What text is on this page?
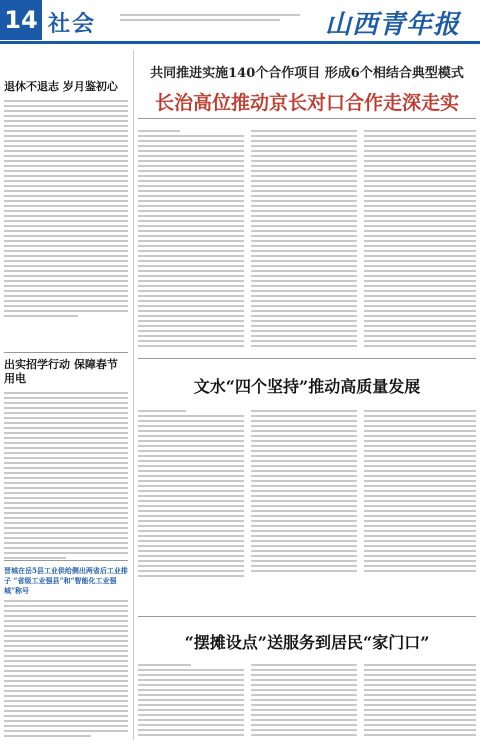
14 社会	山西青年报
退休不退志 岁月鉴初心
出实招学行动 保障春节用电
晋城在岳5县工业供给侧出两省后工业排子 “省级工业强县”和“智能化工业强城”称号
共同推进实施140个合作项目 形成6个相结合典型模式
长治高位推动京长对口合作走深走实
文水“四个坚持”推动高质量发展
“摆摊设点”送服务到居民“家门口”
